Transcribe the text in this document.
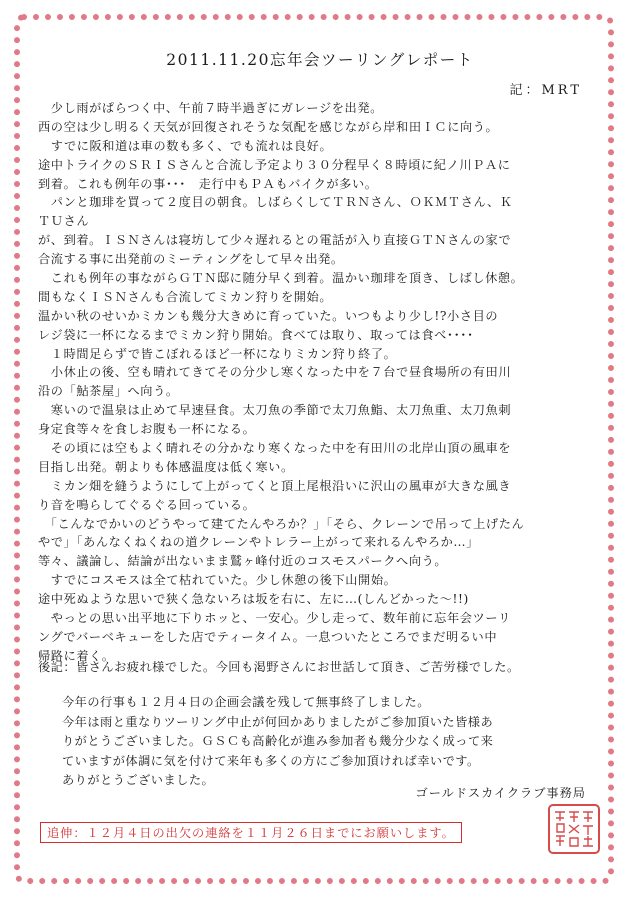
2011.11.20忘年会ツーリングレポート
記：MRT
　少し雨がぱらつく中、午前７時半過ぎにガレージを出発。
西の空は少し明るく天気が回復されそうな気配を感じながら岸和田ＩＣに向う。
　すでに阪和道は車の数も多く、でも流れは良好。
途中トライクのＳＲＩＳさんと合流し予定より３０分程早く８時頃に紀ノ川ＰＡに
到着。これも例年の事･･･　走行中もＰＡもバイクが多い。
　パンと珈琲を買って２度目の朝食。しばらくしてＴＲＮさん、ＯＫＭＴさん、Ｋ
ＴＵさん
が、到着。ＩＳＮさんは寝坊して少々遅れるとの電話が入り直接ＧＴＮさんの家で
合流する事に出発前のミーティングをして早々出発。
　これも例年の事ながらＧＴＮ邸に随分早く到着。温かい珈琲を頂き、しばし休憩。
間もなくＩＳＮさんも合流してミカン狩りを開始。
温かい秋のせいかミカンも幾分大きめに育っていた。いつもより少し!?小さ目の
レジ袋に一杯になるまでミカン狩り開始。食べては取り、取っては食べ････
　１時間足らずで皆こぼれるほど一杯になりミカン狩り終了。
　小休止の後、空も晴れてきてその分少し寒くなった中を７台で昼食場所の有田川
沿の「鮎茶屋」へ向う。
　寒いので温泉は止めて早速昼食。太刀魚の季節で太刀魚鮨、太刀魚重、太刀魚刺
身定食等々を食しお腹も一杯になる。
　その頃には空もよく晴れその分かなり寒くなった中を有田川の北岸山頂の風車を
目指し出発。朝よりも体感温度は低く寒い。
　ミカン畑を縫うようにして上がってくと頂上尾根沿いに沢山の風車が大きな風き
り音を鳴らしてぐるぐる回っている。
　「こんなでかいのどうやって建てたんやろか？」「そら、クレーンで吊って上げたん
やで」「あんなくねくねの道クレーンやトレラー上がって来れるんやろか…」
等々、議論し、結論が出ないまま鷲ヶ峰付近のコスモスパークへ向う。
　すでにコスモスは全て枯れていた。少し休憩の後下山開始。
途中死ぬような思いで狭く急ないろは坂を右に、左に…(しんどかった～!!)
　やっとの思い出平地に下りホッと、一安心。少し走って、数年前に忘年会ツーリ
ングでバーベキューをした店でティータイム。一息ついたところでまだ明るい中
帰路に着く。
後記：皆さんお疲れ様でした。今回も渇野さんにお世話して頂き、ご苦労様でした。
今年の行事も１２月４日の企画会議を残して無事終了しました。
今年は雨と重なりツーリング中止が何回かありましたがご参加頂いた皆様あ
りがとうございました。ＧＳＣも高齢化が進み参加者も幾分少なく成って来
ていますが体調に気を付けて来年も多くの方にご参加頂ければ幸いです。
ありがとうございました。
ゴールドスカイクラブ事務局
追伸：１２月４日の出欠の連絡を１１月２６日までにお願いします。
